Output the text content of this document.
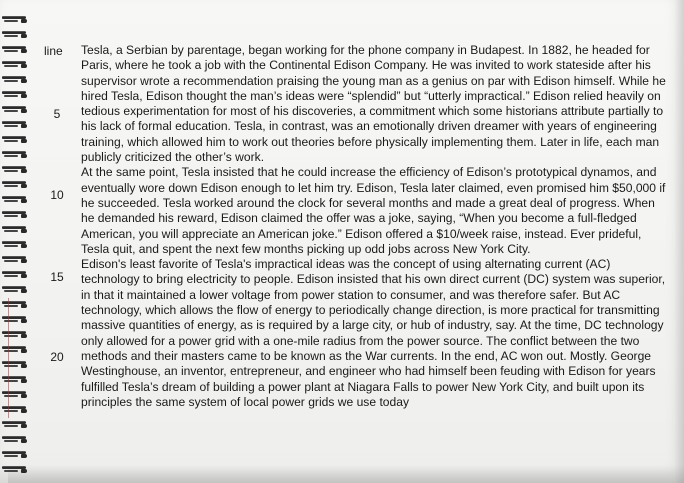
line

5

10

15

20

Tesla, a Serbian by parentage, began working for the phone company in Budapest. In 1882, he headed for Paris, where he took a job with the Continental Edison Company. He was invited to work stateside after his supervisor wrote a recommendation praising the young man as a genius on par with Edison himself. While he hired Tesla, Edison thought the man’s ideas were “splendid” but “utterly impractical.” Edison relied heavily on tedious experimentation for most of his discoveries, a commitment which some historians attribute partially to his lack of formal education. Tesla, in contrast, was an emotionally driven dreamer with years of engineering training, which allowed him to work out theories before physically implementing them. Later in life, each man publicly criticized the other’s work.

At the same point, Tesla insisted that he could increase the efficiency of Edison’s prototypical dynamos, and eventually wore down Edison enough to let him try. Edison, Tesla later claimed, even promised him $50,000 if he succeeded. Tesla worked around the clock for several months and made a great deal of progress. When he demanded his reward, Edison claimed the offer was a joke, saying, “When you become a full-fledged American, you will appreciate an American joke.” Edison offered a $10/week raise, instead. Ever prideful, Tesla quit, and spent the next few months picking up odd jobs across New York City.

Edison's least favorite of Tesla's impractical ideas was the concept of using alternating current (AC) technology to bring electricity to people. Edison insisted that his own direct current (DC) system was superior, in that it maintained a lower voltage from power station to consumer, and was therefore safer. But AC technology, which allows the flow of energy to periodically change direction, is more practical for transmitting massive quantities of energy, as is required by a large city, or hub of industry, say. At the time, DC technology only allowed for a power grid with a one-mile radius from the power source. The conflict between the two methods and their masters came to be known as the War currents. In the end, AC won out. Mostly. George Westinghouse, an inventor, entrepreneur, and engineer who had himself been feuding with Edison for years fulfilled Tesla’s dream of building a power plant at Niagara Falls to power New York City, and built upon its principles the same system of local power grids we use today
